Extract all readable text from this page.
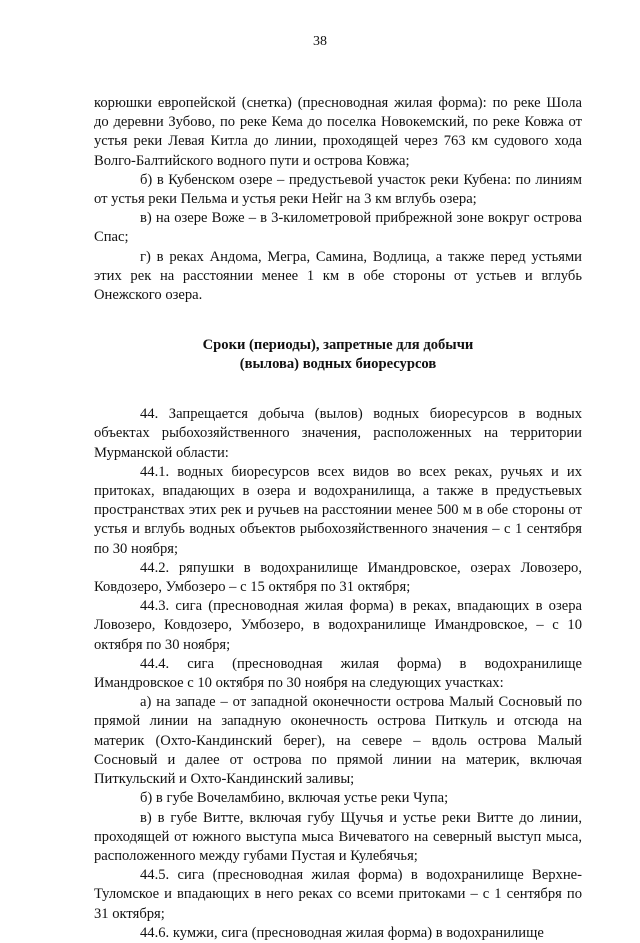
38

корюшки европейской (снетка) (пресноводная жилая форма): по реке Шола до деревни Зубово, по реке Кема до поселка Новокемский, по реке Ковжа от устья реки Левая Китла до линии, проходящей через 763 км судового хода Волго-Балтийского водного пути и острова Ковжа;

б) в Кубенском озере – предустьевой участок реки Кубена: по линиям от устья реки Пельма и устья реки Нейг на 3 км вглубь озера;

в) на озере Воже – в 3-километровой прибрежной зоне вокруг острова Спас;

г) в реках Андома, Мегра, Самина, Водлица, а также перед устьями этих рек на расстоянии менее 1 км в обе стороны от устьев и вглубь Онежского озера.

Сроки (периоды), запретные для добычи
(вылова) водных биоресурсов

44. Запрещается добыча (вылов) водных биоресурсов в водных объектах рыбохозяйственного значения, расположенных на территории Мурманской области:

44.1. водных биоресурсов всех видов во всех реках, ручьях и их притоках, впадающих в озера и водохранилища, а также в предустьевых пространствах этих рек и ручьев на расстоянии менее 500 м в обе стороны от устья и вглубь водных объектов рыбохозяйственного значения – с 1 сентября по 30 ноября;

44.2. ряпушки в водохранилище Имандровское, озерах Ловозеро, Ковдозеро, Умбозеро – с 15 октября по 31 октября;

44.3. сига (пресноводная жилая форма) в реках, впадающих в озера Ловозеро, Ковдозеро, Умбозеро, в водохранилище Имандровское, – с 10 октября по 30 ноября;

44.4. сига (пресноводная жилая форма) в водохранилище Имандровское с 10 октября по 30 ноября на следующих участках:

а) на западе – от западной оконечности острова Малый Сосновый по прямой линии на западную оконечность острова Питкуль и отсюда на материк (Охто-Кандинский берег), на севере – вдоль острова Малый Сосновый и далее от острова по прямой линии на материк, включая Питкульский и Охто-Кандинский заливы;

б) в губе Вочеламбино, включая устье реки Чупа;

в) в губе Витте, включая губу Щучья и устье реки Витте до линии, проходящей от южного выступа мыса Вичеватого на северный выступ мыса, расположенного между губами Пустая и Кулебячья;

44.5. сига (пресноводная жилая форма) в водохранилище Верхне-Туломское и впадающих в него реках со всеми притоками – с 1 сентября по 31 октября;

44.6. кумжи, сига (пресноводная жилая форма) в водохранилище
